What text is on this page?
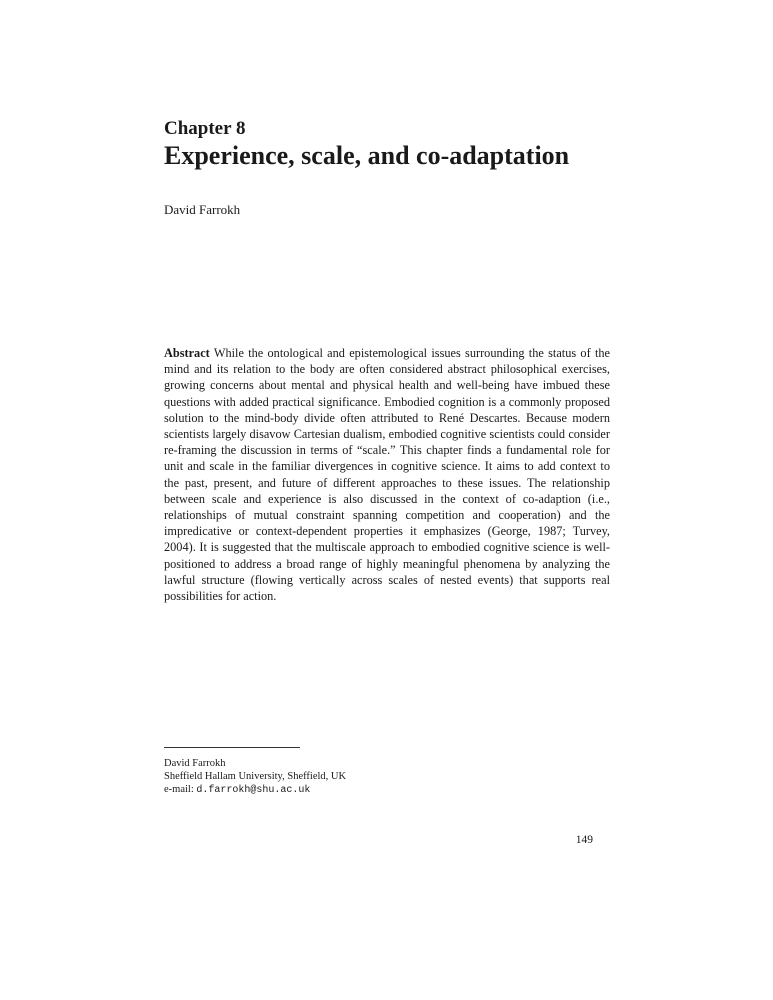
Chapter 8
Experience, scale, and co-adaptation
David Farrokh

Abstract While the ontological and epistemological issues surrounding the status of the mind and its relation to the body are often considered abstract philosophical exercises, growing concerns about mental and physical health and well-being have imbued these questions with added practical significance. Embodied cognition is a commonly proposed solution to the mind-body divide often attributed to René Descartes. Because modern scientists largely disavow Cartesian dualism, embodied cognitive scientists could consider re-framing the discussion in terms of “scale.” This chapter finds a fundamental role for unit and scale in the familiar divergences in cognitive science. It aims to add context to the past, present, and future of different approaches to these issues. The relationship between scale and experience is also discussed in the context of co-adaption (i.e., relationships of mutual constraint spanning competition and cooperation) and the impredicative or context-dependent properties it emphasizes (George, 1987; Turvey, 2004). It is suggested that the multiscale approach to embodied cognitive science is well-positioned to address a broad range of highly meaningful phenomena by analyzing the lawful structure (flowing vertically across scales of nested events) that supports real possibilities for action.

David Farrokh
Sheffield Hallam University, Sheffield, UK
e-mail: d.farrokh@shu.ac.uk
149
